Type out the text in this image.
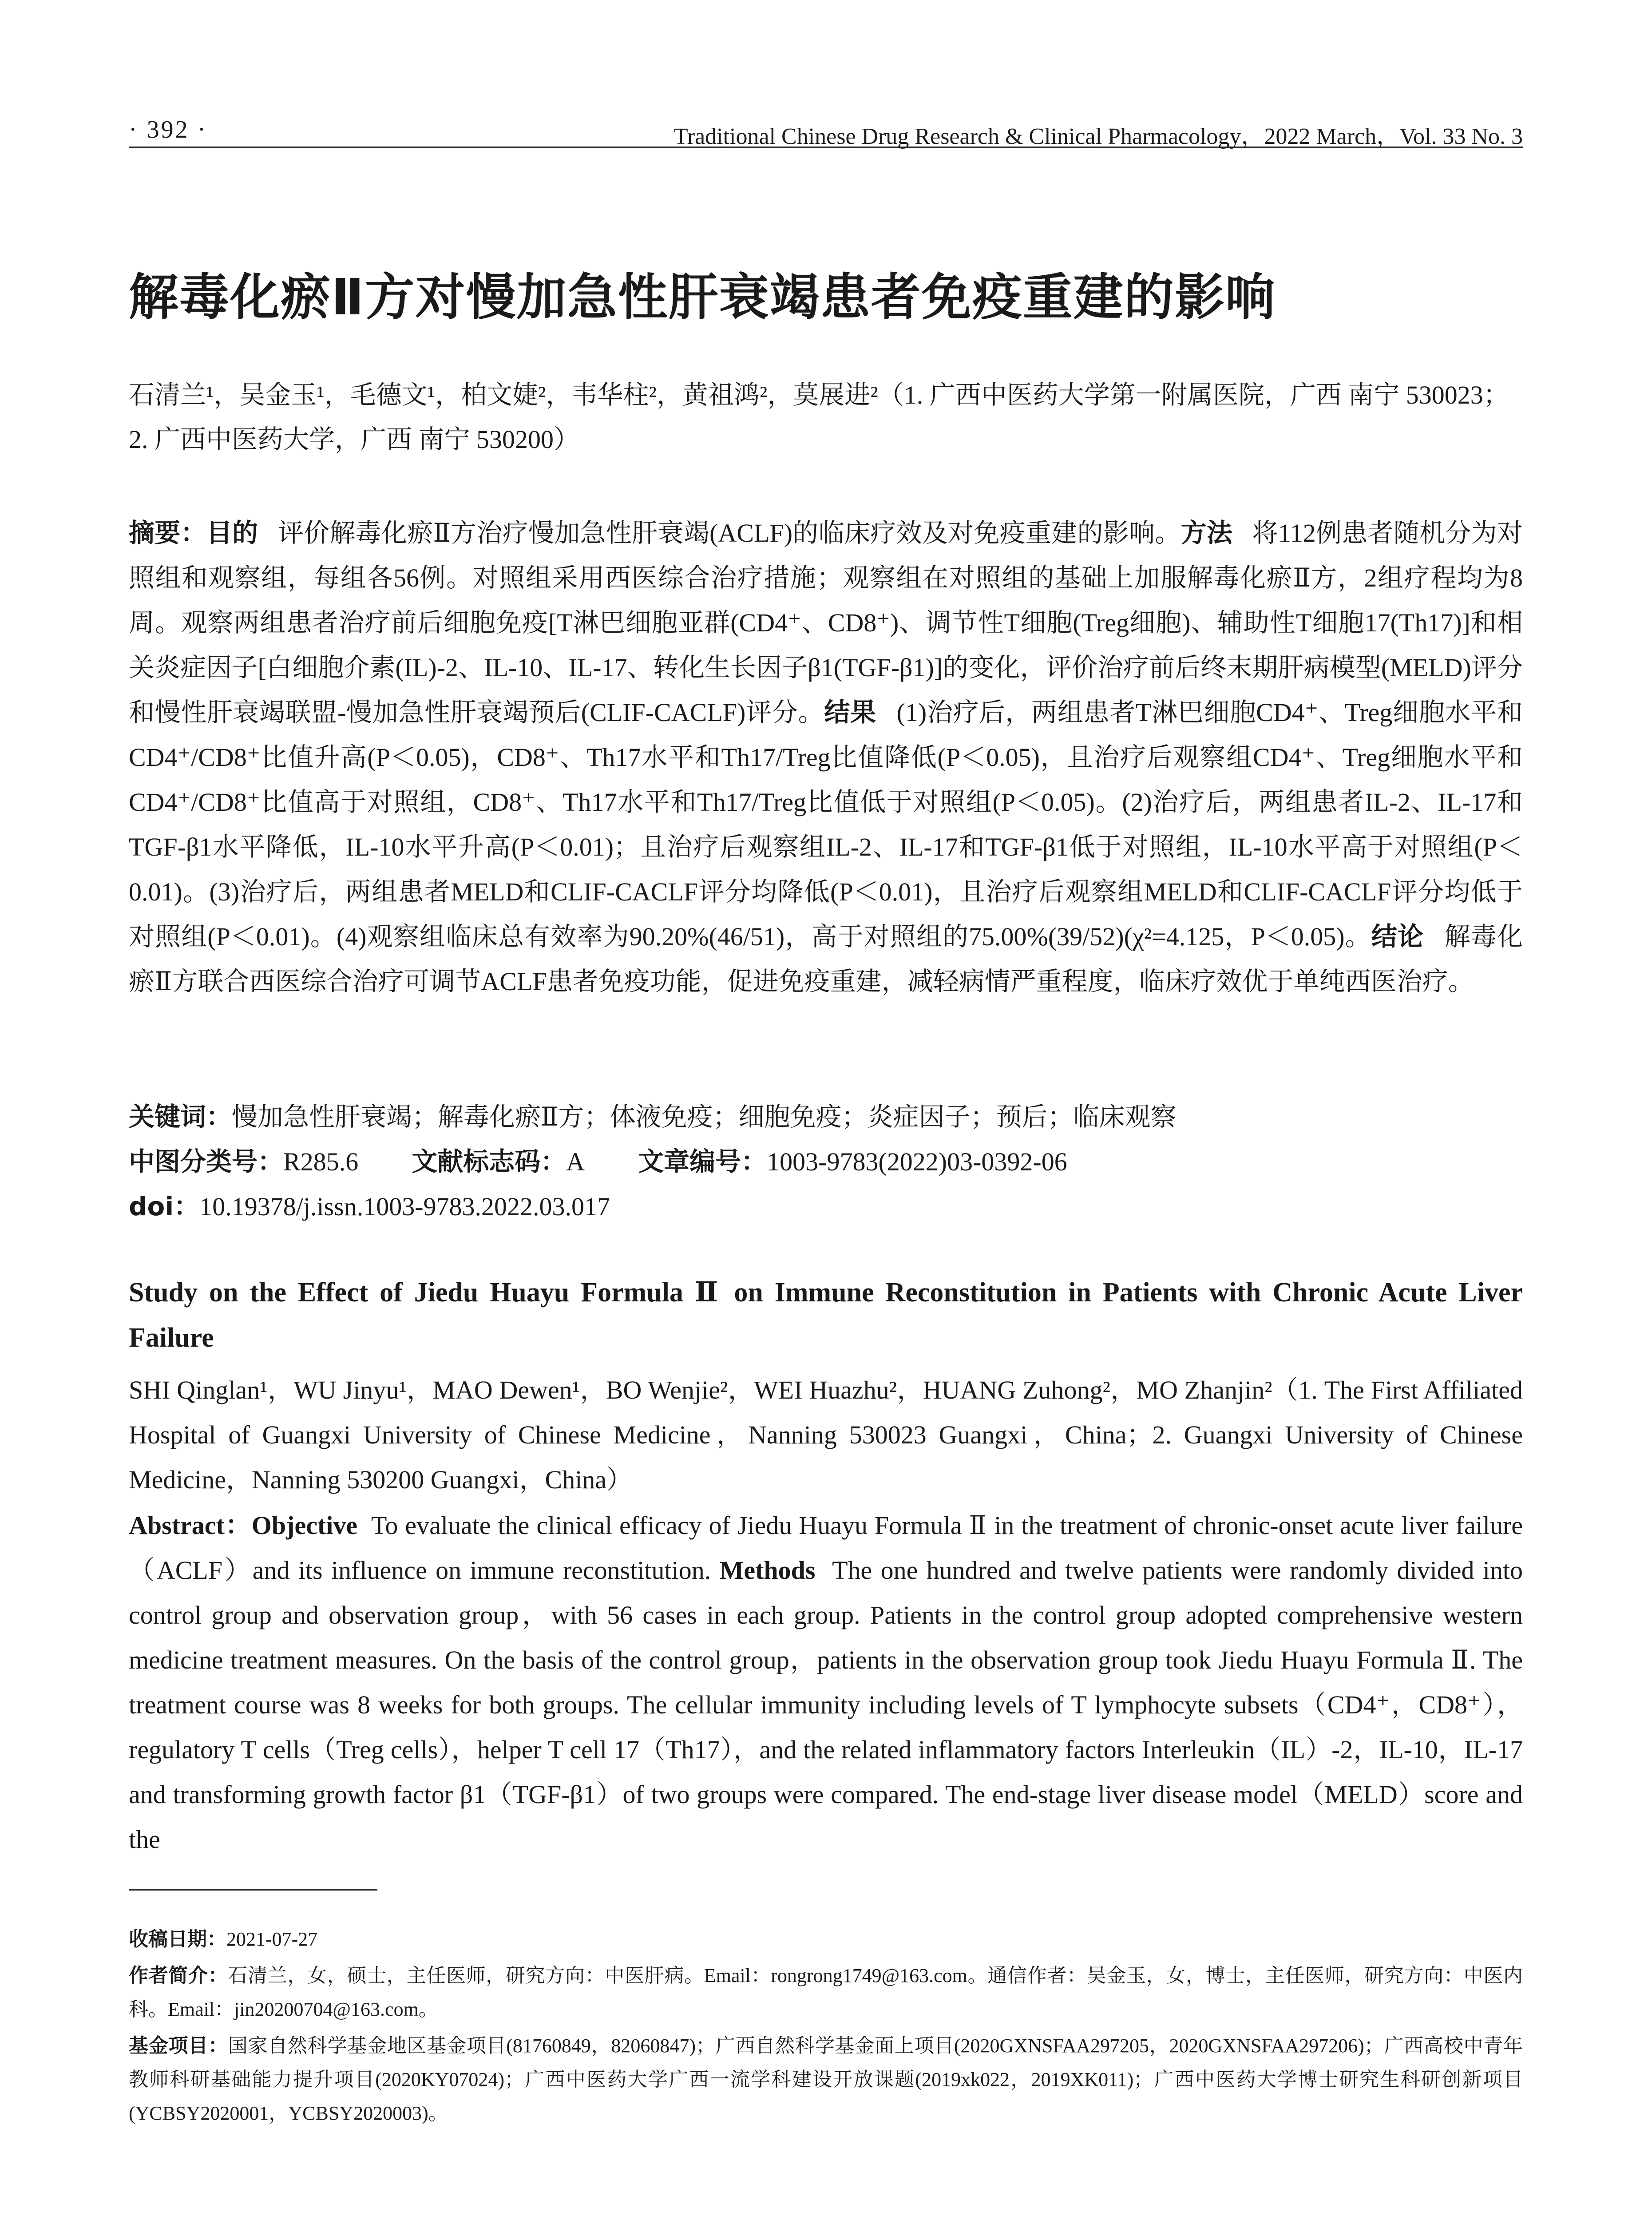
· 392 ·	Traditional Chinese Drug Research & Clinical Pharmacology，2022 March，Vol. 33 No. 3
解毒化瘀Ⅱ方对慢加急性肝衰竭患者免疫重建的影响

石清兰¹，吴金玉¹，毛德文¹，柏文婕²，韦华柱²，黄祖鸿²，莫展进²（1. 广西中医药大学第一附属医院，广西 南宁 530023；2. 广西中医药大学，广西 南宁 530200）

摘要：目的 评价解毒化瘀Ⅱ方治疗慢加急性肝衰竭(ACLF)的临床疗效及对免疫重建的影响。方法 将112例患者随机分为对照组和观察组，每组各56例。对照组采用西医综合治疗措施；观察组在对照组的基础上加服解毒化瘀Ⅱ方，2组疗程均为8周。观察两组患者治疗前后细胞免疫[T淋巴细胞亚群(CD4⁺、CD8⁺)、调节性T细胞(Treg细胞)、辅助性T细胞17(Th17)]和相关炎症因子[白细胞介素(IL)-2、IL-10、IL-17、转化生长因子β1(TGF-β1)]的变化，评价治疗前后终末期肝病模型(MELD)评分和慢性肝衰竭联盟-慢加急性肝衰竭预后(CLIF-CACLF)评分。结果 (1)治疗后，两组患者T淋巴细胞CD4⁺、Treg细胞水平和CD4⁺/CD8⁺比值升高(P＜0.05)，CD8⁺、Th17水平和Th17/Treg比值降低(P＜0.05)，且治疗后观察组CD4⁺、Treg细胞水平和CD4⁺/CD8⁺比值高于对照组，CD8⁺、Th17水平和Th17/Treg比值低于对照组(P＜0.05)。(2)治疗后，两组患者IL-2、IL-17和TGF-β1水平降低，IL-10水平升高(P＜0.01)；且治疗后观察组IL-2、IL-17和TGF-β1低于对照组，IL-10水平高于对照组(P＜0.01)。(3)治疗后，两组患者MELD和CLIF-CACLF评分均降低(P＜0.01)，且治疗后观察组MELD和CLIF-CACLF评分均低于对照组(P＜0.01)。(4)观察组临床总有效率为90.20%(46/51)，高于对照组的75.00%(39/52)(χ²=4.125，P＜0.05)。结论 解毒化瘀Ⅱ方联合西医综合治疗可调节ACLF患者免疫功能，促进免疫重建，减轻病情严重程度，临床疗效优于单纯西医治疗。
关键词：慢加急性肝衰竭；解毒化瘀Ⅱ方；体液免疫；细胞免疫；炎症因子；预后；临床观察
中图分类号：R285.6 文献标志码：A 文章编号：1003-9783(2022)03-0392-06
doi：10.19378/j.issn.1003-9783.2022.03.017
Study on the Effect of Jiedu Huayu Formula Ⅱ on Immune Reconstitution in Patients with Chronic Acute Liver Failure

SHI Qinglan¹，WU Jinyu¹，MAO Dewen¹，BO Wenjie²，WEI Huazhu²，HUANG Zuhong²，MO Zhanjin²（1. The First Affiliated Hospital of Guangxi University of Chinese Medicine，Nanning 530023 Guangxi，China；2. Guangxi University of Chinese Medicine，Nanning 530200 Guangxi，China）

Abstract：Objective To evaluate the clinical efficacy of Jiedu Huayu Formula Ⅱ in the treatment of chronic-onset acute liver failure（ACLF）and its influence on immune reconstitution. Methods The one hundred and twelve patients were randomly divided into control group and observation group，with 56 cases in each group. Patients in the control group adopted comprehensive western medicine treatment measures. On the basis of the control group，patients in the observation group took Jiedu Huayu Formula Ⅱ. The treatment course was 8 weeks for both groups. The cellular immunity including levels of T lymphocyte subsets（CD4⁺，CD8⁺），regulatory T cells（Treg cells），helper T cell 17（Th17），and the related inflammatory factors Interleukin（IL）-2，IL-10，IL-17 and transforming growth factor β1（TGF-β1）of two groups were compared. The end-stage liver disease model（MELD）score and the

收稿日期：2021-07-27

作者简介：石清兰，女，硕士，主任医师，研究方向：中医肝病。Email：rongrong1749@163.com。通信作者：吴金玉，女，博士，主任医师，研究方向：中医内科。Email：jin20200704@163.com。

基金项目：国家自然科学基金地区基金项目(81760849，82060847)；广西自然科学基金面上项目(2020GXNSFAA297205，2020GXNSFAA297206)；广西高校中青年教师科研基础能力提升项目(2020KY07024)；广西中医药大学广西一流学科建设开放课题(2019xk022，2019XK011)；广西中医药大学博士研究生科研创新项目(YCBSY2020001，YCBSY2020003)。
